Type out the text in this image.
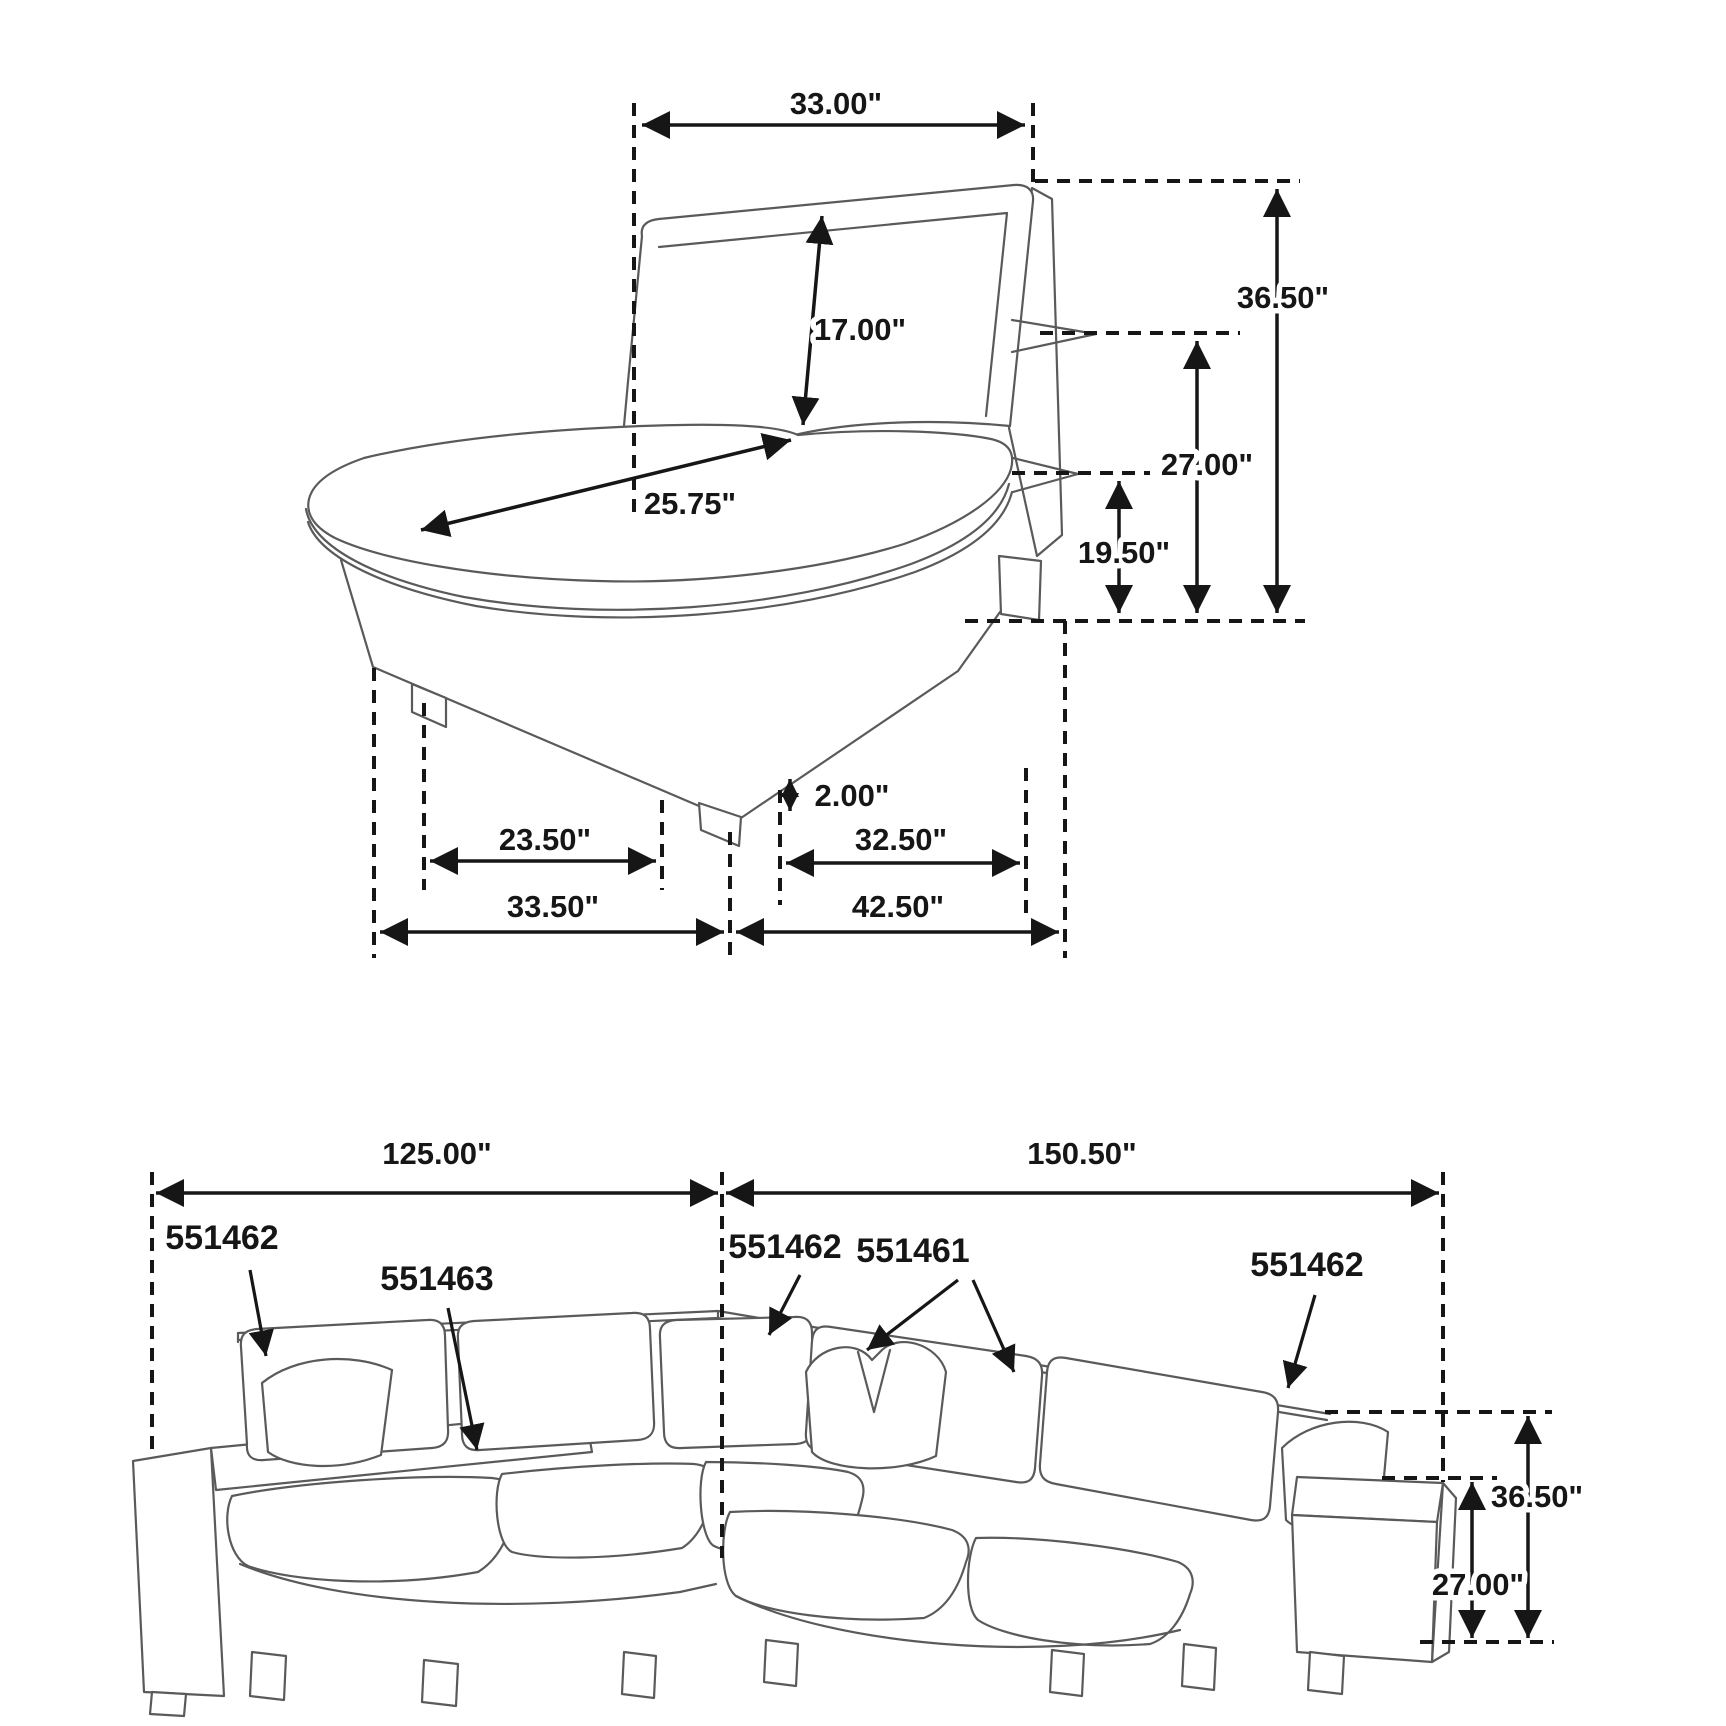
33.00"
36.50"
27.00"
19.50"
17.00"
25.75"
2.00"
23.50"	32.50"
33.50"	42.50"
125.00"	150.50"
36.50"
27.00"
551462
551463
551462 551461	551462
